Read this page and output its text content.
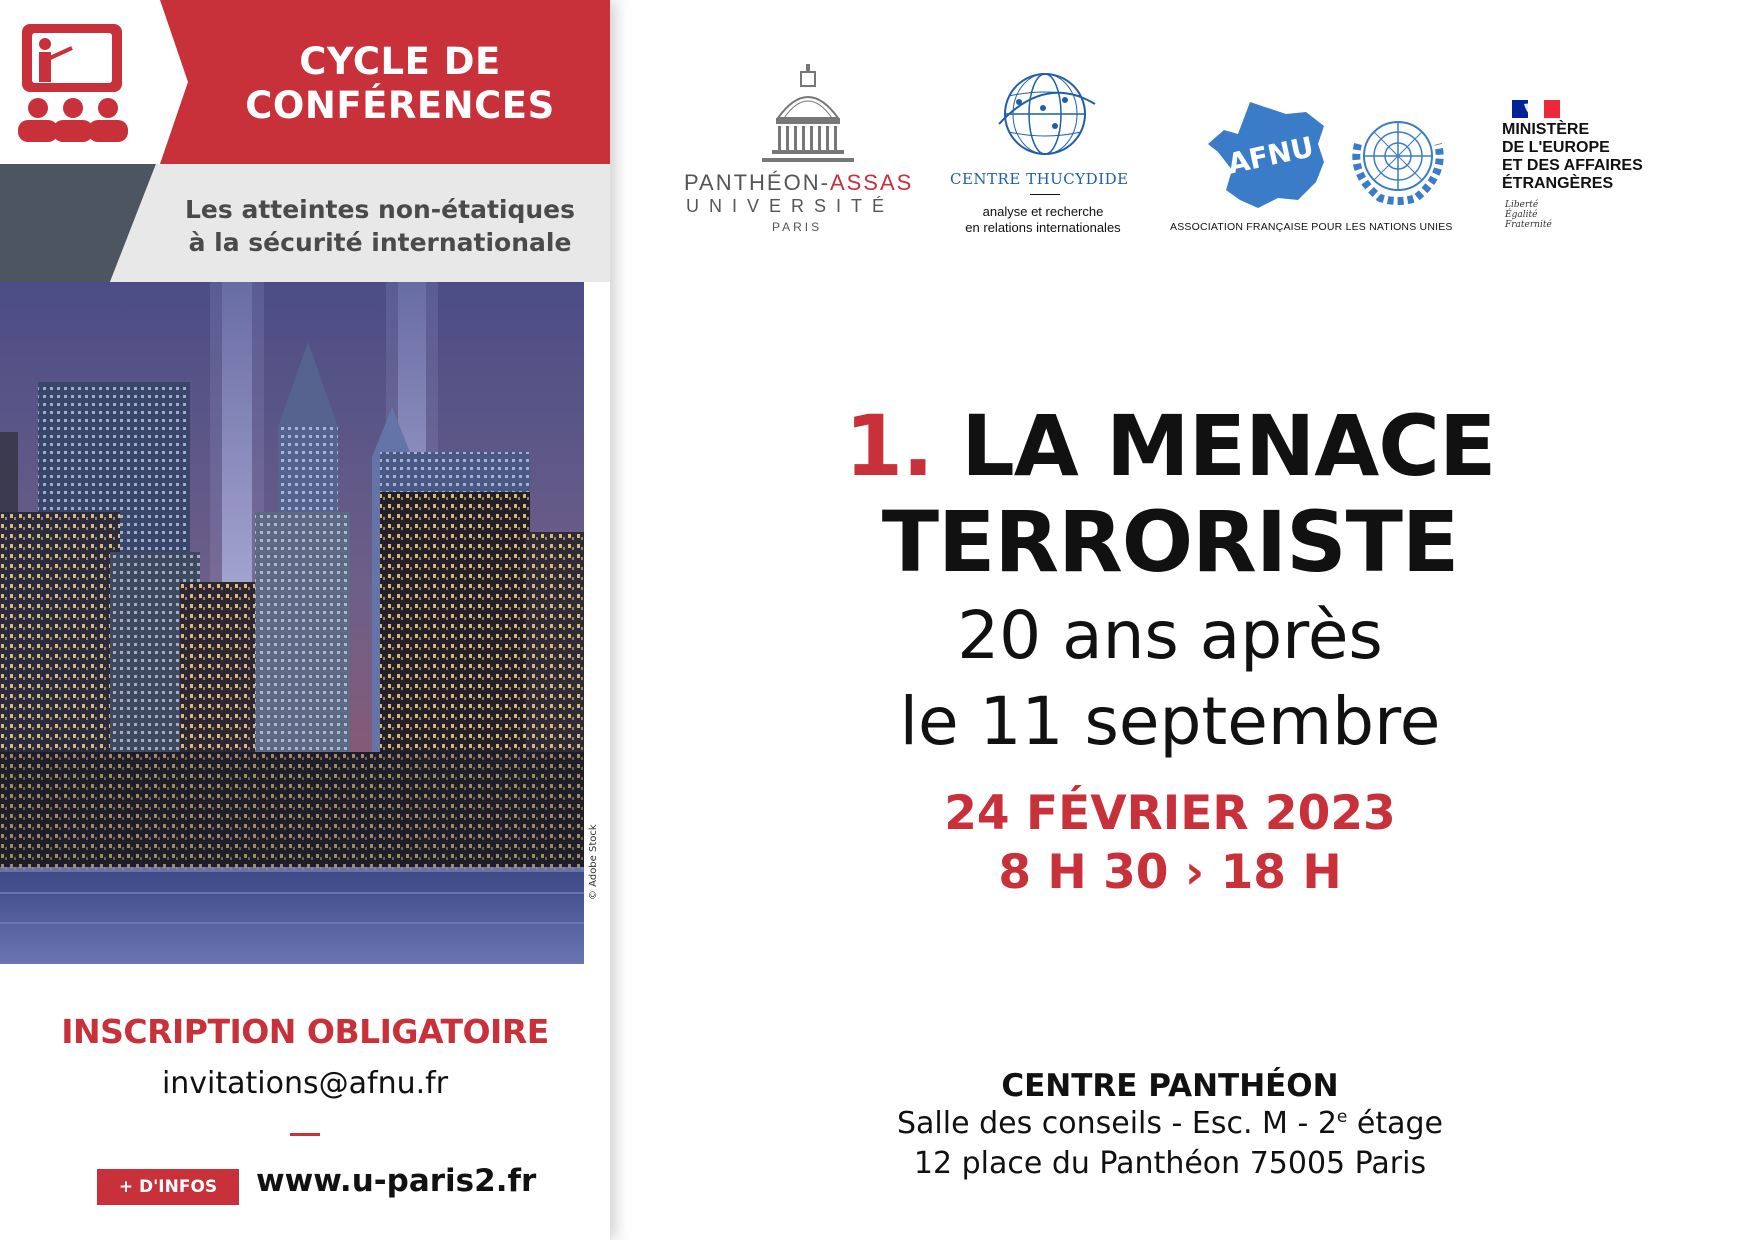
CYCLE DE
CONFÉRENCES
Les atteintes non-étatiques
à la sécurité internationale
© Adobe Stock
INSCRIPTION OBLIGATOIRE
invitations@afnu.fr
+ D'INFOS	www.u-paris2.fr
PANTHÉON-ASSAS
UNIVERSITÉ
PARIS
CENTRE THUCYDIDE
analyse et recherche
en relations internationales
AFNU
ASSOCIATION FRANÇAISE POUR LES NATIONS UNIES
MINISTÈRE
DE L'EUROPE
ET DES AFFAIRES
ÉTRANGÈRES
Liberté
Égalité
Fraternité
1. LA MENACE
TERRORISTE
20 ans après
le 11 septembre
24 FÉVRIER 2023
8 H 30 › 18 H
CENTRE PANTHÉON
Salle des conseils - Esc. M - 2e étage
12 place du Panthéon 75005 Paris
